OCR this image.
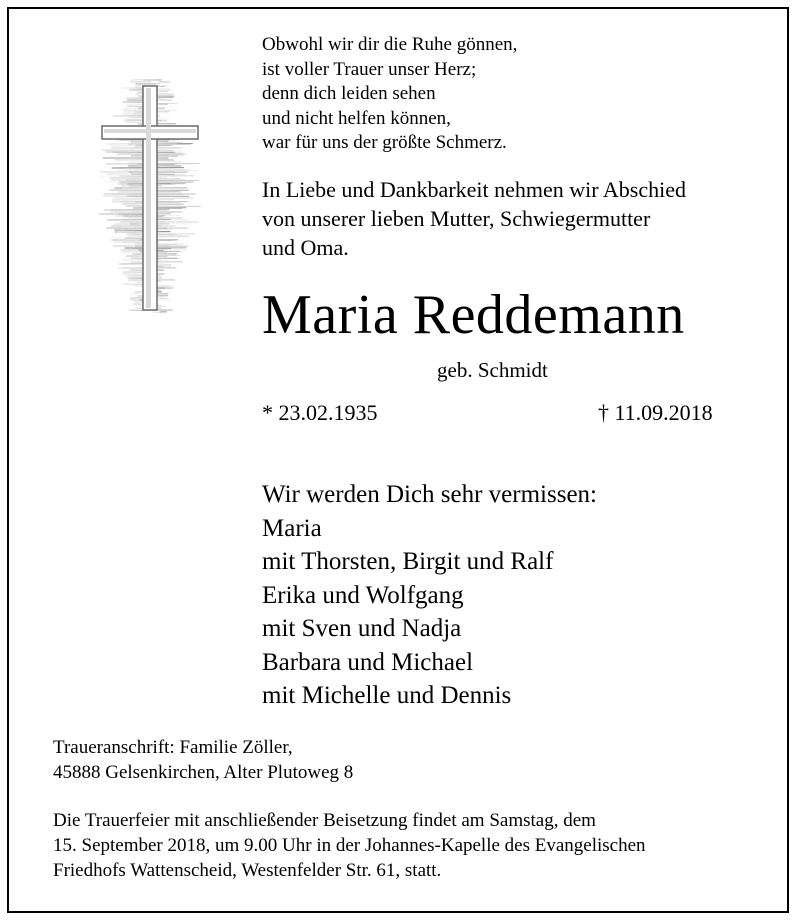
Obwohl wir dir die Ruhe gönnen,
ist voller Trauer unser Herz;
denn dich leiden sehen
und nicht helfen können,
war für uns der größte Schmerz.
In Liebe und Dankbarkeit nehmen wir Abschied
von unserer lieben Mutter, Schwiegermutter
und Oma.
Maria Reddemann
geb. Schmidt
* 23.02.1935	† 11.09.2018
Wir werden Dich sehr vermissen:
Maria
mit Thorsten, Birgit und Ralf
Erika und Wolfgang
mit Sven und Nadja
Barbara und Michael
mit Michelle und Dennis
Traueranschrift: Familie Zöller,
45888 Gelsenkirchen, Alter Plutoweg 8
Die Trauerfeier mit anschließender Beisetzung findet am Samstag, dem
15. September 2018, um 9.00 Uhr in der Johannes-Kapelle des Evangelischen
Friedhofs Wattenscheid, Westenfelder Str. 61, statt.
